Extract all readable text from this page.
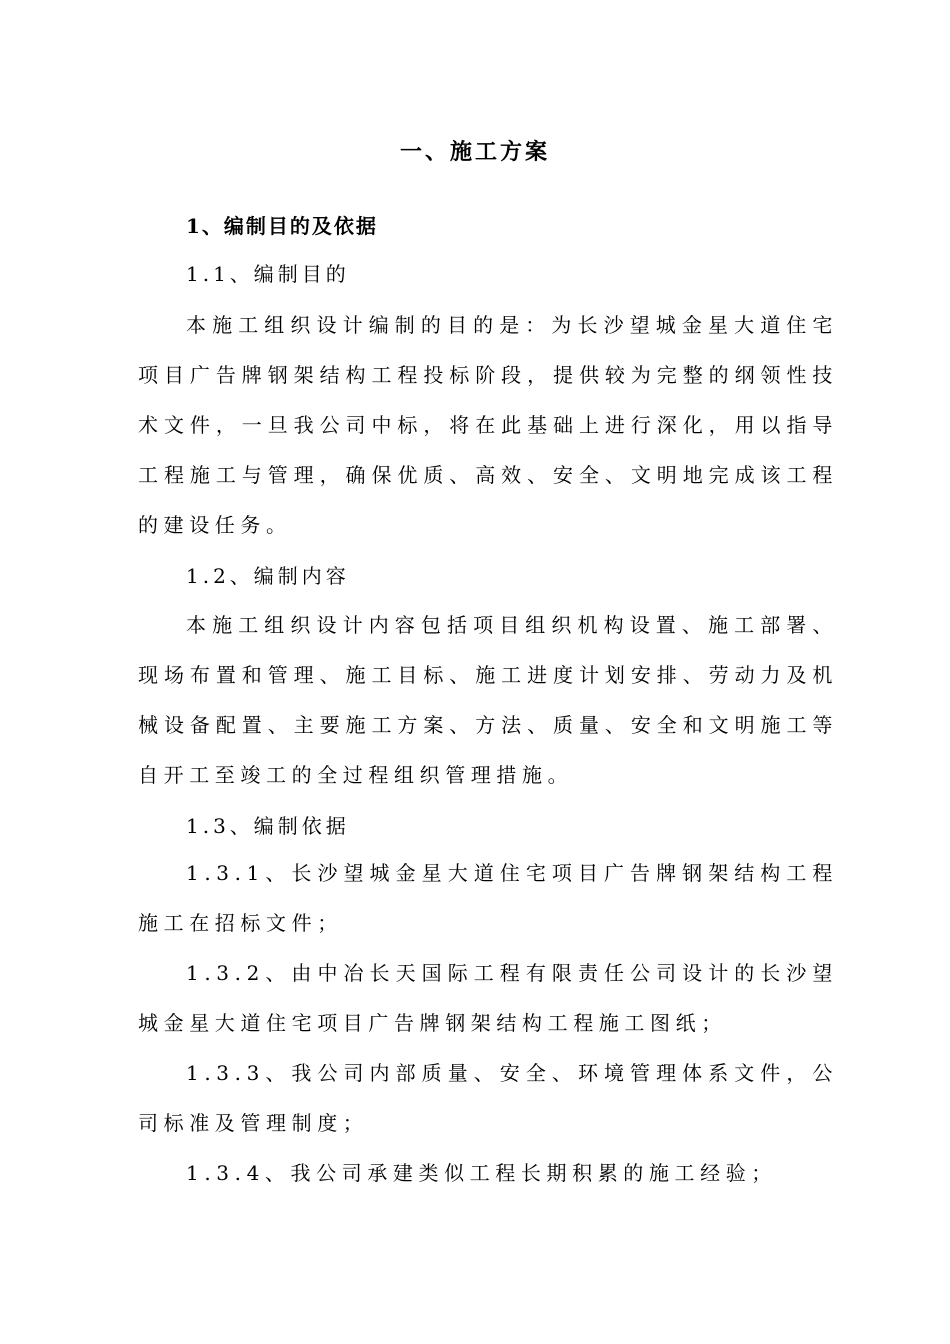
一、施工方案
1、编制目的及依据
1.1、编制目的

本施工组织设计编制的目的是：为长沙望城金星大道住宅项目广告牌钢架结构工程投标阶段，提供较为完整的纲领性技术文件，一旦我公司中标，将在此基础上进行深化，用以指导工程施工与管理，确保优质、高效、安全、文明地完成该工程的建设任务。

1.2、编制内容

本施工组织设计内容包括项目组织机构设置、施工部署、现场布置和管理、施工目标、施工进度计划安排、劳动力及机械设备配置、主要施工方案、方法、质量、安全和文明施工等自开工至竣工的全过程组织管理措施。

1.3、编制依据

1.3.1、长沙望城金星大道住宅项目广告牌钢架结构工程施工在招标文件；

1.3.2、由中冶长天国际工程有限责任公司设计的长沙望城金星大道住宅项目广告牌钢架结构工程施工图纸；

1.3.3、我公司内部质量、安全、环境管理体系文件，公司标准及管理制度；

1.3.4、我公司承建类似工程长期积累的施工经验；
